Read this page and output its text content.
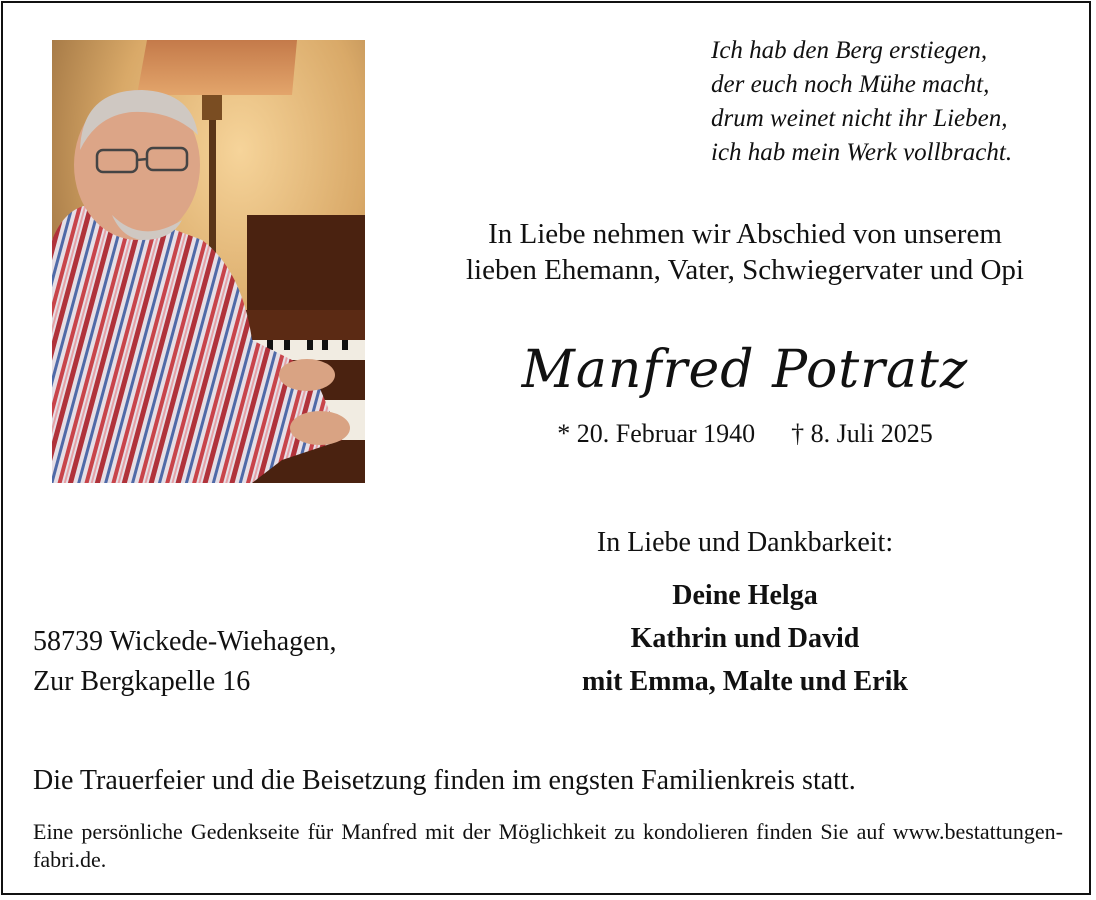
Ich hab den Berg erstiegen,
der euch noch Mühe macht,
drum weinet nicht ihr Lieben,
ich hab mein Werk vollbracht.
In Liebe nehmen wir Abschied von unserem
lieben Ehemann, Vater, Schwiegervater und Opi
Manfred Potratz
* 20. Februar 1940 † 8. Juli 2025
In Liebe und Dankbarkeit:
Deine Helga
Kathrin und David
mit Emma, Malte und Erik
58739 Wickede-Wiehagen,
Zur Bergkapelle 16
Die Trauerfeier und die Beisetzung finden im engsten Familienkreis statt.
Eine persönliche Gedenkseite für Manfred mit der Möglichkeit zu kondolieren finden Sie auf www.bestattungen-fabri.de.
